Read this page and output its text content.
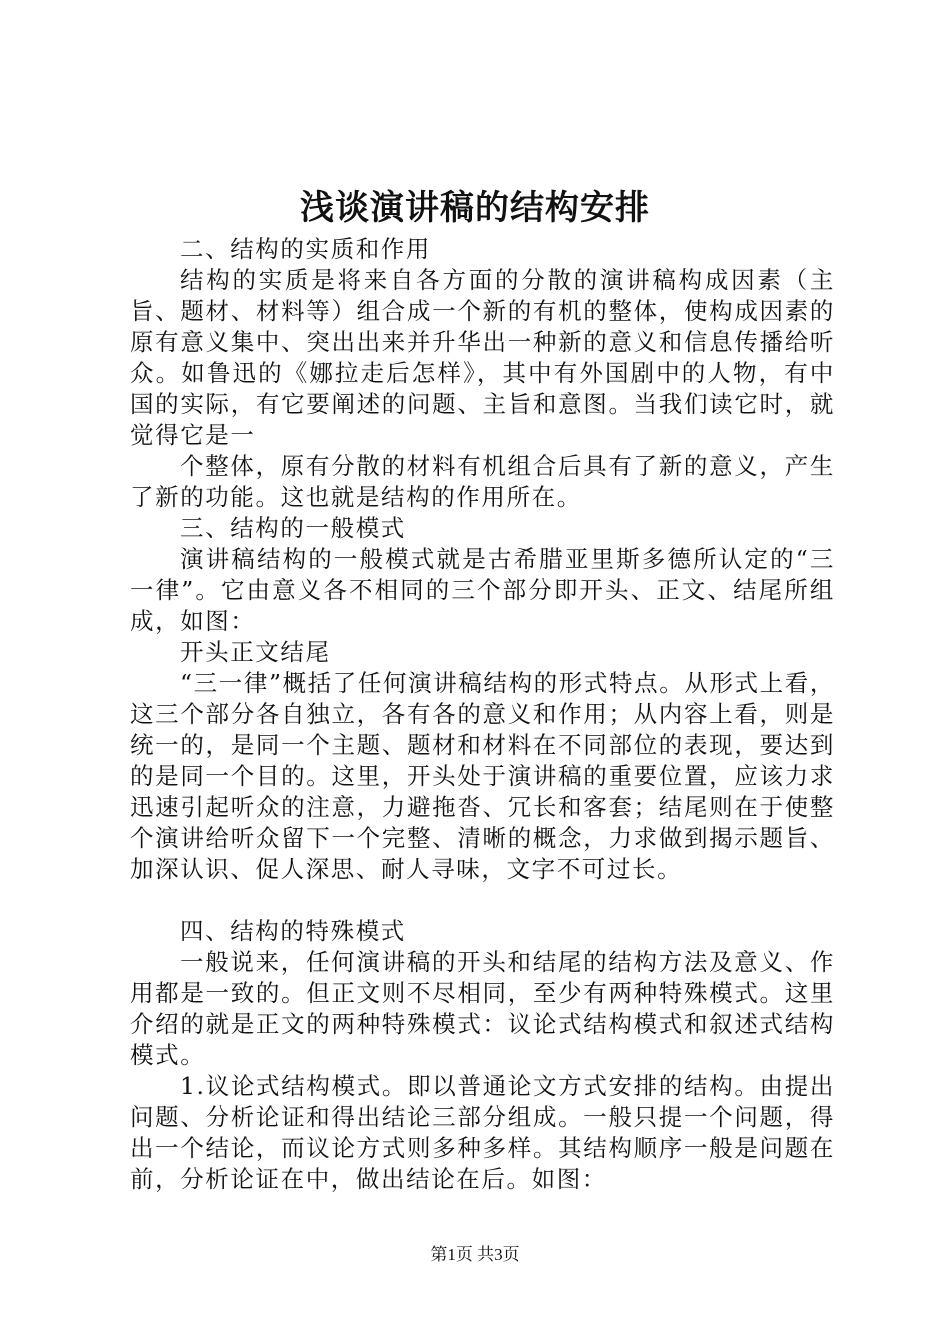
浅谈演讲稿的结构安排

二、结构的实质和作用

结构的实质是将来自各方面的分散的演讲稿构成因素（主旨、题材、材料等）组合成一个新的有机的整体，使构成因素的原有意义集中、突出出来并升华出一种新的意义和信息传播给听众。如鲁迅的《娜拉走后怎样》，其中有外国剧中的人物，有中国的实际，有它要阐述的问题、主旨和意图。当我们读它时，就觉得它是一

个整体，原有分散的材料有机组合后具有了新的意义，产生了新的功能。这也就是结构的作用所在。

三、结构的一般模式

演讲稿结构的一般模式就是古希腊亚里斯多德所认定的“三一律”。它由意义各不相同的三个部分即开头、正文、结尾所组成，如图：

开头正文结尾

“三一律”概括了任何演讲稿结构的形式特点。从形式上看，这三个部分各自独立，各有各的意义和作用；从内容上看，则是统一的，是同一个主题、题材和材料在不同部位的表现，要达到的是同一个目的。这里，开头处于演讲稿的重要位置，应该力求迅速引起听众的注意，力避拖沓、冗长和客套；结尾则在于使整个演讲给听众留下一个完整、清晰的概念，力求做到揭示题旨、加深认识、促人深思、耐人寻味，文字不可过长。

四、结构的特殊模式

一般说来，任何演讲稿的开头和结尾的结构方法及意义、作用都是一致的。但正文则不尽相同，至少有两种特殊模式。这里介绍的就是正文的两种特殊模式：议论式结构模式和叙述式结构模式。

1.议论式结构模式。即以普通论文方式安排的结构。由提出问题、分析论证和得出结论三部分组成。一般只提一个问题，得出一个结论，而议论方式则多种多样。其结构顺序一般是问题在前，分析论证在中，做出结论在后。如图：

第1页 共3页
